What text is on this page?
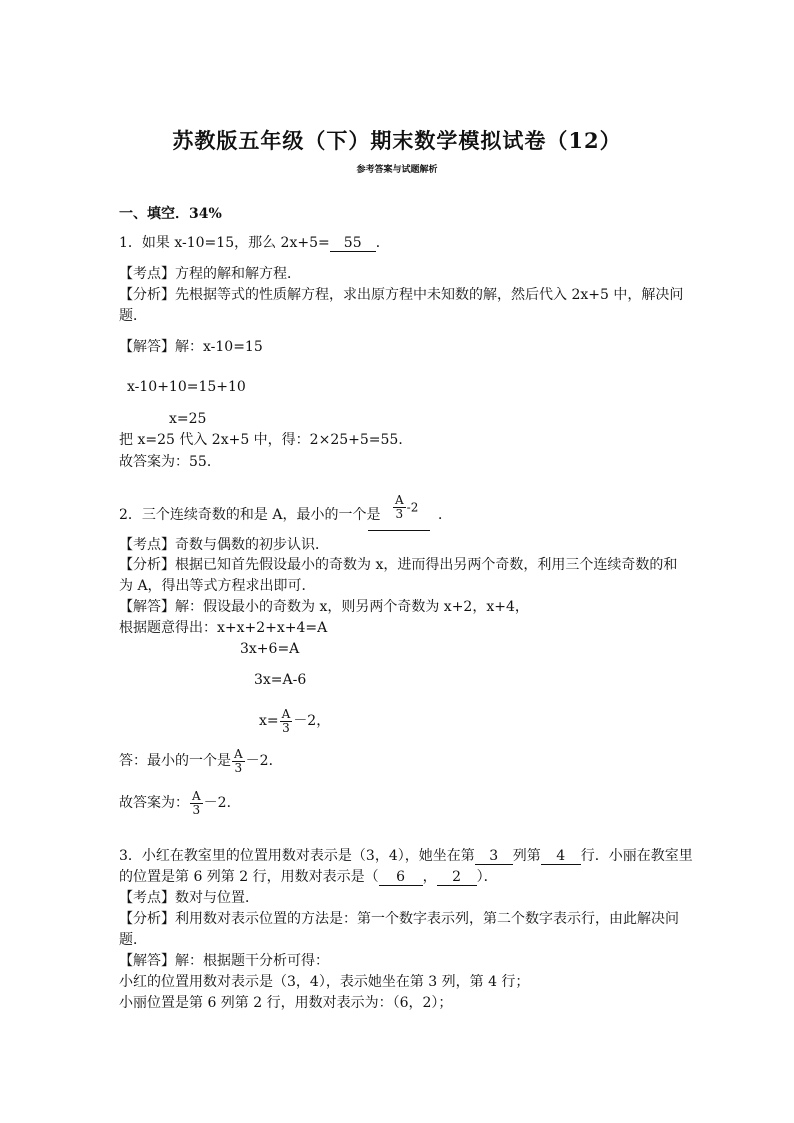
苏教版五年级（下）期末数学模拟试卷（12）
参考答案与试题解析
一、填空．34%
1．如果 x-10=15，那么 2x+5= 55 ．
【考点】方程的解和解方程．
【分析】先根据等式的性质解方程，求出原方程中未知数的解，然后代入 2x+5 中，解决问
题．
【解答】解：x-10=15
x-10+10=15+10
x=25
把 x=25 代入 2x+5 中，得：2×25+5=55．
故答案为：55．
2．三个连续奇数的和是 A，最小的一个是 $\frac{A}{3} -2$ ．
【考点】奇数与偶数的初步认识．
【分析】根据已知首先假设最小的奇数为 x，进而得出另两个奇数，利用三个连续奇数的和
为 A，得出等式方程求出即可．
【解答】解：假设最小的奇数为 x，则另两个奇数为 x+2，x+4，
根据题意得出：x+x+2+x+4=A
3x+6=A
3x=A-6
$x= \frac{A}{3} -2$，
答：最小的一个是 $\frac{A}{3} -2$．
故答案为： $\frac{A}{3} -2$．
3．小红在教室里的位置用数对表示是（3，4），她坐在第 3 列第 4 行．小丽在教室里
的位置是第 6 列第 2 行，用数对表示是（ 6 ， 2 ）．
【考点】数对与位置．
【分析】利用数对表示位置的方法是：第一个数字表示列，第二个数字表示行，由此解决问
题．
【解答】解：根据题干分析可得：
小红的位置用数对表示是（3，4），表示她坐在第 3 列，第 4 行；
小丽位置是第 6 列第 2 行，用数对表示为：（6，2）；
